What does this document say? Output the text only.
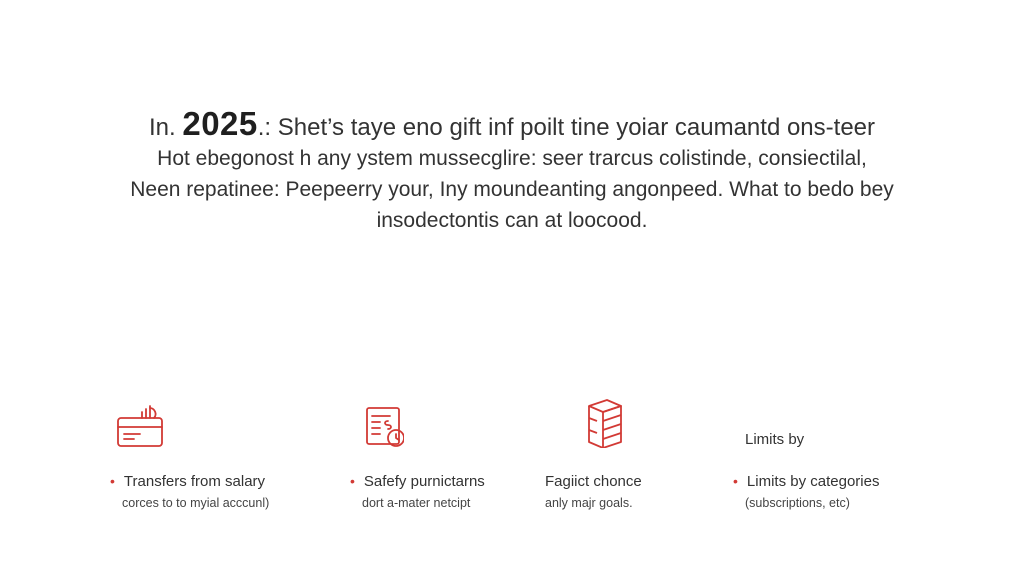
In. 2025.: Shet’s taye eno gift inf poilt tine yoiar caumantd ons-teer
Hot ebegonost h any ystem mussecglire: seer trarcus colistinde, consiectilal,
Neen repatinee: Peepeerry your, Iny moundeanting angonpeed. What to bedo bey
insodectontis can at loocood.
• Transfers from salary
corces to to myial acccunl)
• Safefy purnictarns
dort a-mater netcipt
Fagiict chonce
anly majr goals.
Limits by
• Limits by categories
(subscriptions, etc)
